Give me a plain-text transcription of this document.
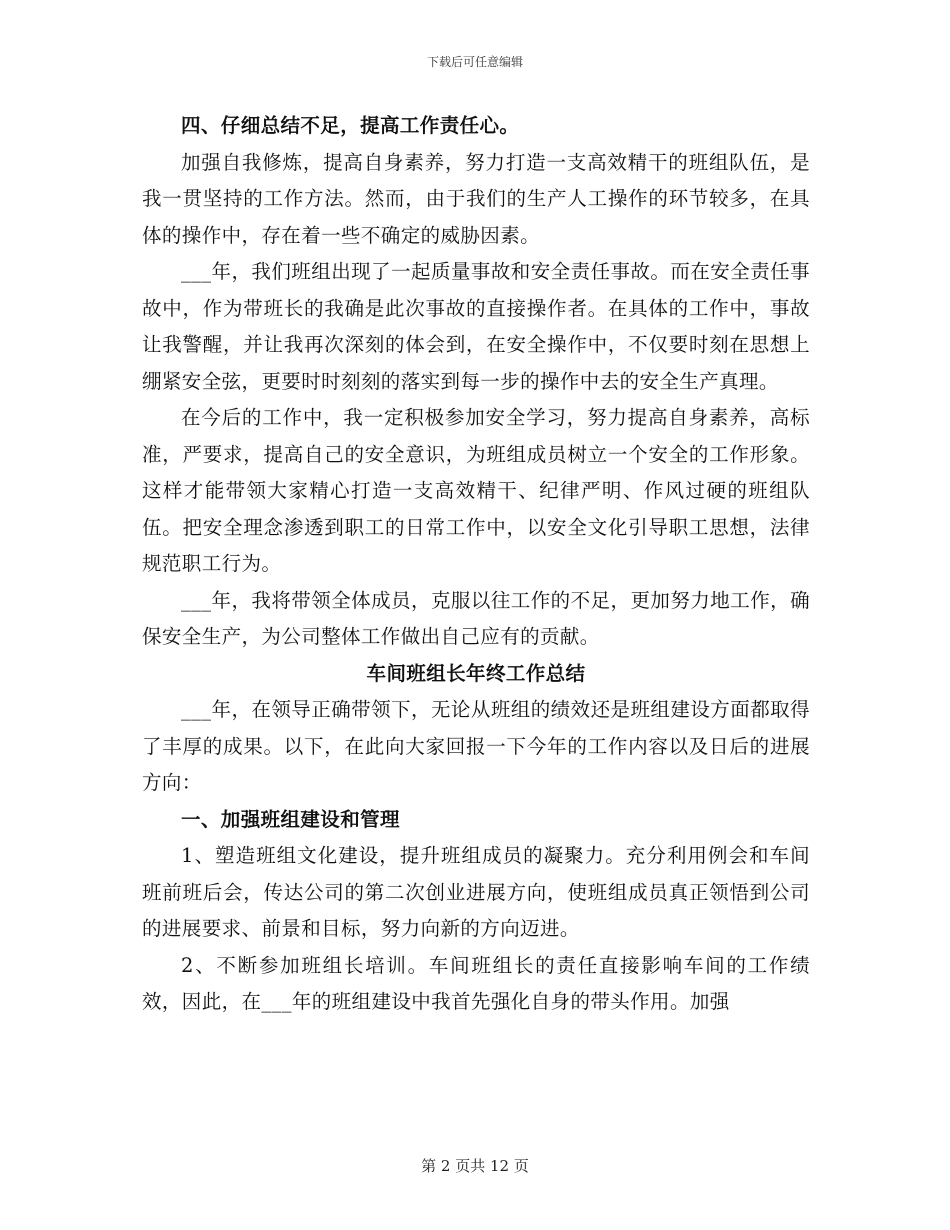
下载后可任意编辑

四、仔细总结不足，提高工作责任心。

加强自我修炼，提高自身素养，努力打造一支高效精干的班组队伍，是我一贯坚持的工作方法。然而，由于我们的生产人工操作的环节较多，在具体的操作中，存在着一些不确定的威胁因素。

___年，我们班组出现了一起质量事故和安全责任事故。而在安全责任事故中，作为带班长的我确是此次事故的直接操作者。在具体的工作中，事故让我警醒，并让我再次深刻的体会到，在安全操作中，不仅要时刻在思想上绷紧安全弦，更要时时刻刻的落实到每一步的操作中去的安全生产真理。

在今后的工作中，我一定积极参加安全学习，努力提高自身素养，高标准，严要求，提高自己的安全意识，为班组成员树立一个安全的工作形象。这样才能带领大家精心打造一支高效精干、纪律严明、作风过硬的班组队伍。把安全理念渗透到职工的日常工作中，以安全文化引导职工思想，法律规范职工行为。

___年，我将带领全体成员，克服以往工作的不足，更加努力地工作，确保安全生产，为公司整体工作做出自己应有的贡献。

车间班组长年终工作总结

___年，在领导正确带领下，无论从班组的绩效还是班组建设方面都取得了丰厚的成果。以下，在此向大家回报一下今年的工作内容以及日后的进展方向：

一、加强班组建设和管理

1、塑造班组文化建设，提升班组成员的凝聚力。充分利用例会和车间班前班后会，传达公司的第二次创业进展方向，使班组成员真正领悟到公司的进展要求、前景和目标，努力向新的方向迈进。

2、不断参加班组长培训。车间班组长的责任直接影响车间的工作绩效，因此，在___年的班组建设中我首先强化自身的带头作用。加强

第 2 页共 12 页
